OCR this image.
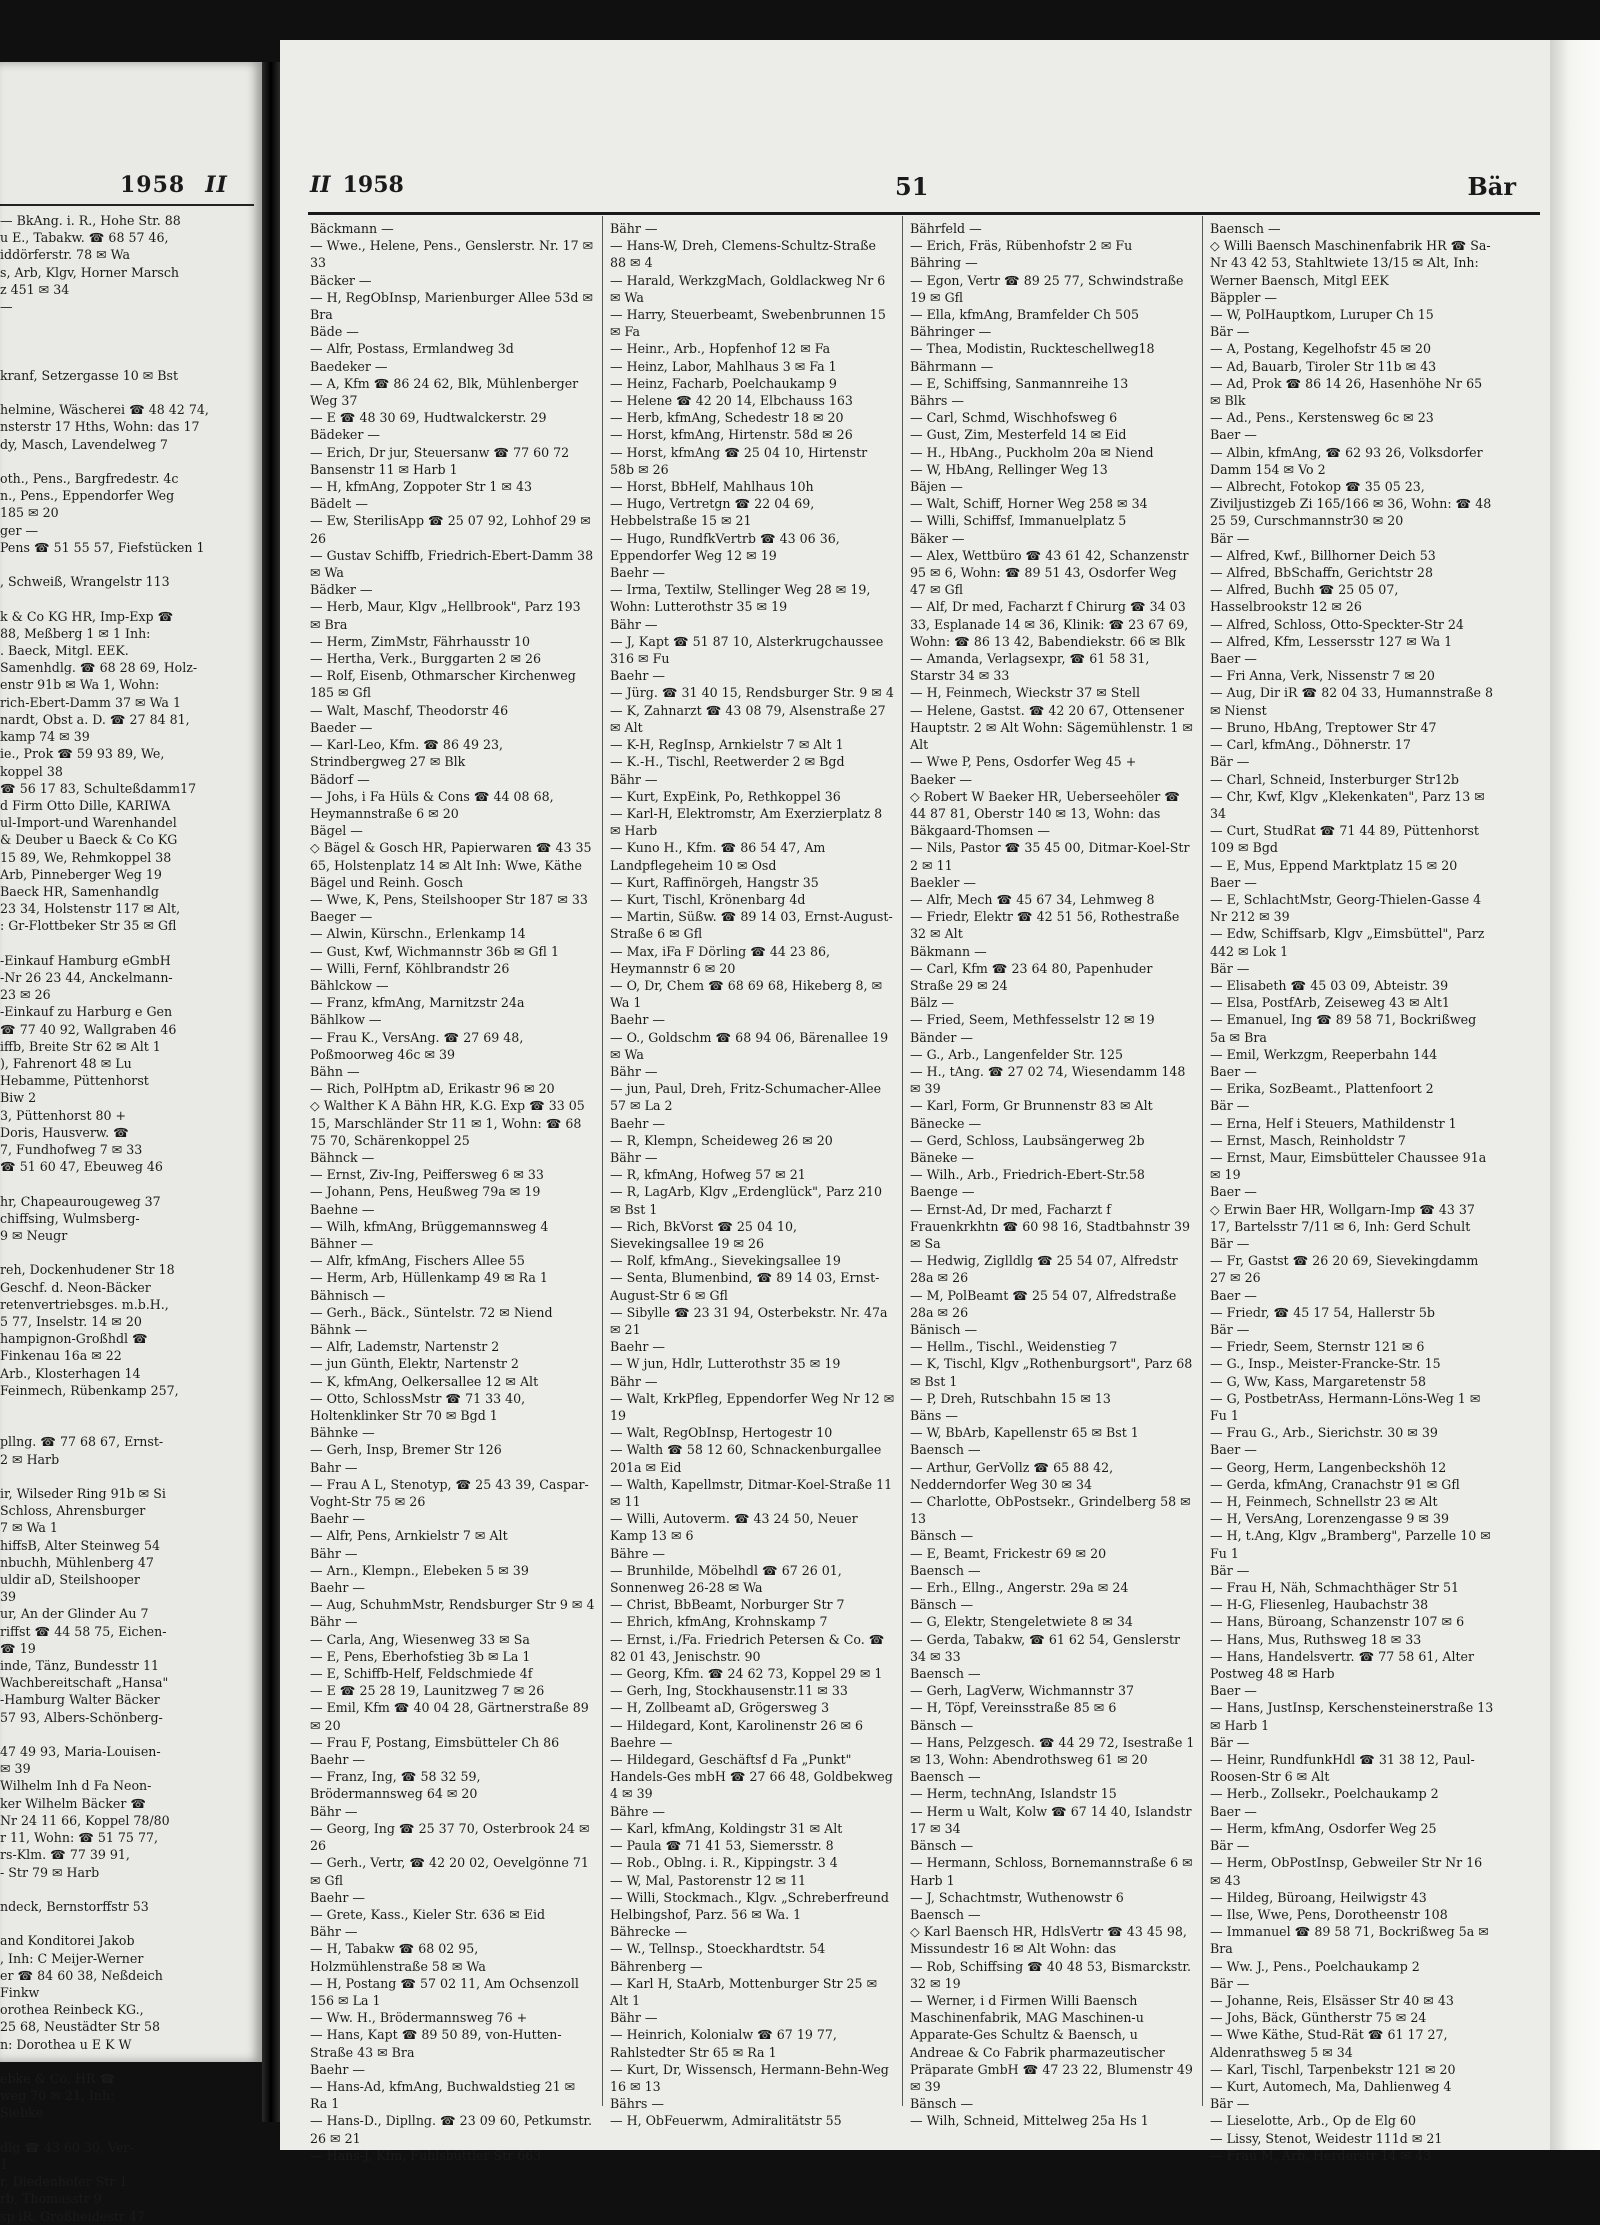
1958 II
— BkAng. i. R., Hohe Str. 88
u E., Tabakw. ☎ 68 57 46,
iddörferstr. 78 ✉ Wa
s, Arb, Klgv, Horner Marsch
z 451 ✉ 34
—

kranf, Setzergasse 10 ✉ Bst

helmine, Wäscherei ☎ 48 42 74,
nsterstr 17 Hths, Wohn: das 17
dy, Masch, Lavendelweg 7

oth., Pens., Bargfredestr. 4c
n., Pens., Eppendorfer Weg
185 ✉ 20
ger —
Pens ☎ 51 55 57, Fiefstücken 1

, Schweiß, Wrangelstr 113

k & Co KG HR, Imp-Exp ☎
88, Meßberg 1 ✉ 1 Inh:
. Baeck, Mitgl. EEK.
Samenhdlg. ☎ 68 28 69, Holz-
enstr 91b ✉ Wa 1, Wohn:
rich-Ebert-Damm 37 ✉ Wa 1
nardt, Obst a. D. ☎ 27 84 81,
kamp 74 ✉ 39
ie., Prok ☎ 59 93 89, We,
koppel 38
☎ 56 17 83, Schulteßdamm17
d Firm Otto Dille, KARIWA
ul-Import-und Warenhandel
& Deuber u Baeck & Co KG
15 89, We, Rehmkoppel 38
Arb, Pinneberger Weg 19
Baeck HR, Samenhandlg
23 34, Holstenstr 117 ✉ Alt,
: Gr-Flottbeker Str 35 ✉ Gfl

-Einkauf Hamburg eGmbH
-Nr 26 23 44, Anckelmann-
23 ✉ 26
-Einkauf zu Harburg e Gen
☎ 77 40 92, Wallgraben 46
iffb, Breite Str 62 ✉ Alt 1
), Fahrenort 48 ✉ Lu
Hebamme, Püttenhorst
Biw 2
3, Püttenhorst 80 +
Doris, Hausverw. ☎
7, Fundhofweg 7 ✉ 33
☎ 51 60 47, Ebeuweg 46

hr, Chapeaurougeweg 37
chiffsing, Wulmsberg-
9 ✉ Neugr

reh, Dockenhudener Str 18
Geschf. d. Neon-Bäcker
retenvertriebsges. m.b.H.,
5 77, Inselstr. 14 ✉ 20
hampignon-Großhdl ☎
Finkenau 16a ✉ 22
Arb., Klosterhagen 14
Feinmech, Rübenkamp 257,

pllng. ☎ 77 68 67, Ernst-
2 ✉ Harb

ir, Wilseder Ring 91b ✉ Si
Schloss, Ahrensburger
7 ✉ Wa 1
hiffsB, Alter Steinweg 54
nbuchh, Mühlenberg 47
uldir aD, Steilshooper
39
ur, An der Glinder Au 7
riffst ☎ 44 58 75, Eichen-
☎ 19
inde, Tänz, Bundesstr 11
Wachbereitschaft „Hansa"
-Hamburg Walter Bäcker
57 93, Albers-Schönberg-

47 49 93, Maria-Louisen-
✉ 39
Wilhelm Inh d Fa Neon-
ker Wilhelm Bäcker ☎
Nr 24 11 66, Koppel 78/80
r 11, Wohn: ☎ 51 75 77,
rs-Klm. ☎ 77 39 91,
- Str 79 ✉ Harb

ndeck, Bernstorffstr 53

and Konditorei Jakob
, Inh: C Meijer-Werner
er ☎ 84 60 38, Neßdeich
Finkw
orothea Reinbeck KG.,
25 68, Neustädter Str 58
n: Dorothea u E K W

ebke & Co, HR ☎
weg 70 ✉ 21, Inh:
Siebke

dlg ☎ 43 60 30, Ver-
1
r, Diedenhofer Str 1
rb, Thomasstr 9
sp iR, Großheidestr 47
II 1958	51	Bär

Bäckmann —

— Wwe., Helene, Pens., Genslerstr. Nr. 17 ✉ 33

Bäcker —

— H, RegObInsp, Marienburger Allee 53d ✉ Bra

Bäde —

— Alfr, Postass, Ermlandweg 3d

Baedeker —

— A, Kfm ☎ 86 24 62, Blk, Mühlenberger Weg 37

— E ☎ 48 30 69, Hudtwalckerstr. 29

Bädeker —

— Erich, Dr jur, Steuersanw ☎ 77 60 72 Bansenstr 11 ✉ Harb 1

— H, kfmAng, Zoppoter Str 1 ✉ 43

Bädelt —

— Ew, SterilisApp ☎ 25 07 92, Lohhof 29 ✉ 26

— Gustav Schiffb, Friedrich-Ebert-Damm 38 ✉ Wa

Bädker —

— Herb, Maur, Klgv „Hellbrook", Parz 193 ✉ Bra

— Herm, ZimMstr, Fährhausstr 10

— Hertha, Verk., Burggarten 2 ✉ 26

— Rolf, Eisenb, Othmarscher Kirchenweg 185 ✉ Gfl

— Walt, Maschf, Theodorstr 46

Baeder —

— Karl-Leo, Kfm. ☎ 86 49 23, Strindbergweg 27 ✉ Blk

Bädorf —

— Johs, i Fa Hüls & Cons ☎ 44 08 68, Heymannstraße 6 ✉ 20

Bägel —

◇ Bägel & Gosch HR, Papierwaren ☎ 43 35 65, Holstenplatz 14 ✉ Alt Inh: Wwe, Käthe Bägel und Reinh. Gosch

— Wwe, K, Pens, Steilshooper Str 187 ✉ 33

Baeger —

— Alwin, Kürschn., Erlenkamp 14

— Gust, Kwf, Wichmannstr 36b ✉ Gfl 1

— Willi, Fernf, Köhlbrandstr 26

Bählckow —

— Franz, kfmAng, Marnitzstr 24a

Bählkow —

— Frau K., VersAng. ☎ 27 69 48, Poßmoorweg 46c ✉ 39

Bähn —

— Rich, PolHptm aD, Erikastr 96 ✉ 20

◇ Walther K A Bähn HR, K.G. Exp ☎ 33 05 15, Marschländer Str 11 ✉ 1, Wohn: ☎ 68 75 70, Schärenkoppel 25

Bähnck —

— Ernst, Ziv-Ing, Peiffersweg 6 ✉ 33

— Johann, Pens, Heußweg 79a ✉ 19

Baehne —

— Wilh, kfmAng, Brüggemannsweg 4

Bähner —

— Alfr, kfmAng, Fischers Allee 55

— Herm, Arb, Hüllenkamp 49 ✉ Ra 1

Bähnisch —

— Gerh., Bäck., Süntelstr. 72 ✉ Niend

Bähnk —

— Alfr, Lademstr, Nartenstr 2

— jun Günth, Elektr, Nartenstr 2

— K, kfmAng, Oelkersallee 12 ✉ Alt

— Otto, SchlossMstr ☎ 71 33 40, Holtenklinker Str 70 ✉ Bgd 1

Bähnke —

— Gerh, Insp, Bremer Str 126

Bahr —

— Frau A L, Stenotyp, ☎ 25 43 39, Caspar-Voght-Str 75 ✉ 26

Baehr —

— Alfr, Pens, Arnkielstr 7 ✉ Alt

Bähr —

— Arn., Klempn., Elebeken 5 ✉ 39

Baehr —

— Aug, SchuhmMstr, Rendsburger Str 9 ✉ 4

Bähr —

— Carla, Ang, Wiesenweg 33 ✉ Sa

— E, Pens, Eberhofstieg 3b ✉ La 1

— E, Schiffb-Helf, Feldschmiede 4f

— E ☎ 25 28 19, Launitzweg 7 ✉ 26

— Emil, Kfm ☎ 40 04 28, Gärtnerstraße 89 ✉ 20

— Frau F, Postang, Eimsbütteler Ch 86

Baehr —

— Franz, Ing, ☎ 58 32 59, Brödermannsweg 64 ✉ 20

Bähr —

— Georg, Ing ☎ 25 37 70, Osterbrook 24 ✉ 26

— Gerh., Vertr, ☎ 42 20 02, Oevelgönne 71 ✉ Gfl

Baehr —

— Grete, Kass., Kieler Str. 636 ✉ Eid

Bähr —

— H, Tabakw ☎ 68 02 95, Holzmühlenstraße 58 ✉ Wa

— H, Postang ☎ 57 02 11, Am Ochsenzoll 156 ✉ La 1

— Ww. H., Brödermannsweg 76 +

— Hans, Kapt ☎ 89 50 89, von-Hutten-Straße 43 ✉ Bra

Baehr —

— Hans-Ad, kfmAng, Buchwaldstieg 21 ✉ Ra 1

— Hans-D., Dipllng. ☎ 23 09 60, Petkumstr. 26 ✉ 21

— Hans-J, Kfm, Fuhlsbüttler Str 663

Bähr —

— Hans-W, Dreh, Clemens-Schultz-Straße 88 ✉ 4

— Harald, WerkzgMach, Goldlackweg Nr 6 ✉ Wa

— Harry, Steuerbeamt, Swebenbrunnen 15 ✉ Fa

— Heinr., Arb., Hopfenhof 12 ✉ Fa

— Heinz, Labor, Mahlhaus 3 ✉ Fa 1

— Heinz, Facharb, Poelchaukamp 9

— Helene ☎ 42 20 14, Elbchauss 163

— Herb, kfmAng, Schedestr 18 ✉ 20

— Horst, kfmAng, Hirtenstr. 58d ✉ 26

— Horst, kfmAng ☎ 25 04 10, Hirtenstr 58b ✉ 26

— Horst, BbHelf, Mahlhaus 10h

— Hugo, Vertretgn ☎ 22 04 69, Hebbelstraße 15 ✉ 21

— Hugo, RundfkVertrb ☎ 43 06 36, Eppendorfer Weg 12 ✉ 19

Baehr —

— Irma, Textilw, Stellinger Weg 28 ✉ 19, Wohn: Lutterothstr 35 ✉ 19

Bähr —

— J, Kapt ☎ 51 87 10, Alsterkrugchaussee 316 ✉ Fu

Baehr —

— Jürg. ☎ 31 40 15, Rendsburger Str. 9 ✉ 4

— K, Zahnarzt ☎ 43 08 79, Alsenstraße 27 ✉ Alt

— K-H, RegInsp, Arnkielstr 7 ✉ Alt 1

— K.-H., Tischl, Reetwerder 2 ✉ Bgd

Bähr —

— Kurt, ExpEink, Po, Rethkoppel 36

— Karl-H, Elektromstr, Am Exerzierplatz 8 ✉ Harb

— Kuno H., Kfm. ☎ 86 54 47, Am Landpflegeheim 10 ✉ Osd

— Kurt, Raffinörgeh, Hangstr 35

— Kurt, Tischl, Krönenbarg 4d

— Martin, Süßw. ☎ 89 14 03, Ernst-August-Straße 6 ✉ Gfl

— Max, iFa F Dörling ☎ 44 23 86, Heymannstr 6 ✉ 20

— O, Dr, Chem ☎ 68 69 68, Hikeberg 8, ✉ Wa 1

Baehr —

— O., Goldschm ☎ 68 94 06, Bärenallee 19 ✉ Wa

Bähr —

— jun, Paul, Dreh, Fritz-Schumacher-Allee 57 ✉ La 2

Baehr —

— R, Klempn, Scheideweg 26 ✉ 20

Bähr —

— R, kfmAng, Hofweg 57 ✉ 21

— R, LagArb, Klgv „Erdenglück", Parz 210 ✉ Bst 1

— Rich, BkVorst ☎ 25 04 10, Sievekingsallee 19 ✉ 26

— Rolf, kfmAng., Sievekingsallee 19

— Senta, Blumenbind, ☎ 89 14 03, Ernst-August-Str 6 ✉ Gfl

— Sibylle ☎ 23 31 94, Osterbekstr. Nr. 47a ✉ 21

Baehr —

— W jun, Hdlr, Lutterothstr 35 ✉ 19

Bähr —

— Walt, KrkPfleg, Eppendorfer Weg Nr 12 ✉ 19

— Walt, RegObInsp, Hertogestr 10

— Walth ☎ 58 12 60, Schnackenburgallee 201a ✉ Eid

— Walth, Kapellmstr, Ditmar-Koel-Straße 11 ✉ 11

— Willi, Autoverm. ☎ 43 24 50, Neuer Kamp 13 ✉ 6

Bähre —

— Brunhilde, Möbelhdl ☎ 67 26 01, Sonnenweg 26-28 ✉ Wa

— Christ, BbBeamt, Norburger Str 7

— Ehrich, kfmAng, Krohnskamp 7

— Ernst, i./Fa. Friedrich Petersen & Co. ☎ 82 01 43, Jenischstr. 90

— Georg, Kfm. ☎ 24 62 73, Koppel 29 ✉ 1

— Gerh, Ing, Stockhausenstr.11 ✉ 33

— H, Zollbeamt aD, Grögersweg 3

— Hildegard, Kont, Karolinenstr 26 ✉ 6

Baehre —

— Hildegard, Geschäftsf d Fa „Punkt" Handels-Ges mbH ☎ 27 66 48, Goldbekweg 4 ✉ 39

Bähre —

— Karl, kfmAng, Koldingstr 31 ✉ Alt

— Paula ☎ 71 41 53, Siemersstr. 8

— Rob., Oblng. i. R., Kippingstr. 3 4

— W, Mal, Pastorenstr 12 ✉ 11

— Willi, Stockmach., Klgv. „Schreberfreund Helbingshof, Parz. 56 ✉ Wa. 1

Bährecke —

— W., Tellnsp., Stoeckhardtstr. 54

Bährenberg —

— Karl H, StaArb, Mottenburger Str 25 ✉ Alt 1

Bähr —

— Heinrich, Kolonialw ☎ 67 19 77, Rahlstedter Str 65 ✉ Ra 1

— Kurt, Dr, Wissensch, Hermann-Behn-Weg 16 ✉ 13

Bährs —

— H, ObFeuerwm, Admiralitätstr 55

Bährfeld —

— Erich, Fräs, Rübenhofstr 2 ✉ Fu

Bähring —

— Egon, Vertr ☎ 89 25 77, Schwindstraße 19 ✉ Gfl

— Ella, kfmAng, Bramfelder Ch 505

Bähringer —

— Thea, Modistin, Ruckteschellweg18

Bährmann —

— E, Schiffsing, Sanmannreihe 13

Bährs —

— Carl, Schmd, Wischhofsweg 6

— Gust, Zim, Mesterfeld 14 ✉ Eid

— H., HbAng., Puckholm 20a ✉ Niend

— W, HbAng, Rellinger Weg 13

Bäjen —

— Walt, Schiff, Horner Weg 258 ✉ 34

— Willi, Schiffsf, Immanuelplatz 5

Bäker —

— Alex, Wettbüro ☎ 43 61 42, Schanzenstr 95 ✉ 6, Wohn: ☎ 89 51 43, Osdorfer Weg 47 ✉ Gfl

— Alf, Dr med, Facharzt f Chirurg ☎ 34 03 33, Esplanade 14 ✉ 36, Klinik: ☎ 23 67 69, Wohn: ☎ 86 13 42, Babendiekstr. 66 ✉ Blk

— Amanda, Verlagsexpr, ☎ 61 58 31, Starstr 34 ✉ 33

— H, Feinmech, Wieckstr 37 ✉ Stell

— Helene, Gastst. ☎ 42 20 67, Ottensener Hauptstr. 2 ✉ Alt Wohn: Sägemühlenstr. 1 ✉ Alt

— Wwe P, Pens, Osdorfer Weg 45 +

Baeker —

◇ Robert W Baeker HR, Ueberseehöler ☎ 44 87 81, Oberstr 140 ✉ 13, Wohn: das

Bäkgaard-Thomsen —

— Nils, Pastor ☎ 35 45 00, Ditmar-Koel-Str 2 ✉ 11

Baekler —

— Alfr, Mech ☎ 45 67 34, Lehmweg 8

— Friedr, Elektr ☎ 42 51 56, Rothestraße 32 ✉ Alt

Bäkmann —

— Carl, Kfm ☎ 23 64 80, Papenhuder Straße 29 ✉ 24

Bälz —

— Fried, Seem, Methfesselstr 12 ✉ 19

Bänder —

— G., Arb., Langenfelder Str. 125

— H., tAng. ☎ 27 02 74, Wiesendamm 148 ✉ 39

— Karl, Form, Gr Brunnenstr 83 ✉ Alt

Bänecke —

— Gerd, Schloss, Laubsängerweg 2b

Bäneke —

— Wilh., Arb., Friedrich-Ebert-Str.58

Baenge —

— Ernst-Ad, Dr med, Facharzt f Frauenkrkhtn ☎ 60 98 16, Stadtbahnstr 39 ✉ Sa

— Hedwig, Ziglldlg ☎ 25 54 07, Alfredstr 28a ✉ 26

— M, PolBeamt ☎ 25 54 07, Alfredstraße 28a ✉ 26

Bänisch —

— Hellm., Tischl., Weidenstieg 7

— K, Tischl, Klgv „Rothenburgsort", Parz 68 ✉ Bst 1

— P, Dreh, Rutschbahn 15 ✉ 13

Bäns —

— W, BbArb, Kapellenstr 65 ✉ Bst 1

Baensch —

— Arthur, GerVollz ☎ 65 88 42, Nedderndorfer Weg 30 ✉ 34

— Charlotte, ObPostsekr., Grindelberg 58 ✉ 13

Bänsch —

— E, Beamt, Frickestr 69 ✉ 20

Baensch —

— Erh., Ellng., Angerstr. 29a ✉ 24

Bänsch —

— G, Elektr, Stengeletwiete 8 ✉ 34

— Gerda, Tabakw, ☎ 61 62 54, Genslerstr 34 ✉ 33

Baensch —

— Gerh, LagVerw, Wichmannstr 37

— H, Töpf, Vereinsstraße 85 ✉ 6

Bänsch —

— Hans, Pelzgesch. ☎ 44 29 72, Isestraße 1 ✉ 13, Wohn: Abendrothsweg 61 ✉ 20

Baensch —

— Herm, technAng, Islandstr 15

— Herm u Walt, Kolw ☎ 67 14 40, Islandstr 17 ✉ 34

Bänsch —

— Hermann, Schloss, Bornemannstraße 6 ✉ Harb 1

— J, Schachtmstr, Wuthenowstr 6

Baensch —

◇ Karl Baensch HR, HdlsVertr ☎ 43 45 98, Missundestr 16 ✉ Alt Wohn: das

— Rob, Schiffsing ☎ 40 48 53, Bismarckstr. 32 ✉ 19

— Werner, i d Firmen Willi Baensch Maschinenfabrik, MAG Maschinen-u Apparate-Ges Schultz & Baensch, u Andreae & Co Fabrik pharmazeutischer Präparate GmbH ☎ 47 23 22, Blumenstr 49 ✉ 39

Bänsch —

— Wilh, Schneid, Mittelweg 25a Hs 1

Baensch —

◇ Willi Baensch Maschinenfabrik HR ☎ Sa-Nr 43 42 53, Stahltwiete 13/15 ✉ Alt, Inh: Werner Baensch, Mitgl EEK

Bäppler —

— W, PolHauptkom, Luruper Ch 15

Bär —

— A, Postang, Kegelhofstr 45 ✉ 20

— Ad, Bauarb, Tiroler Str 11b ✉ 43

— Ad, Prok ☎ 86 14 26, Hasenhöhe Nr 65 ✉ Blk

— Ad., Pens., Kerstensweg 6c ✉ 23

Baer —

— Albin, kfmAng, ☎ 62 93 26, Volksdorfer Damm 154 ✉ Vo 2

— Albrecht, Fotokop ☎ 35 05 23, Ziviljustizgeb Zi 165/166 ✉ 36, Wohn: ☎ 48 25 59, Curschmannstr30 ✉ 20

Bär —

— Alfred, Kwf., Billhorner Deich 53

— Alfred, BbSchaffn, Gerichtstr 28

— Alfred, Buchh ☎ 25 05 07, Hasselbrookstr 12 ✉ 26

— Alfred, Schloss, Otto-Speckter-Str 24

— Alfred, Kfm, Lessersstr 127 ✉ Wa 1

Baer —

— Fri Anna, Verk, Nissenstr 7 ✉ 20

— Aug, Dir iR ☎ 82 04 33, Humannstraße 8 ✉ Nienst

— Bruno, HbAng, Treptower Str 47

— Carl, kfmAng., Döhnerstr. 17

Bär —

— Charl, Schneid, Insterburger Str12b

— Chr, Kwf, Klgv „Klekenkaten", Parz 13 ✉ 34

— Curt, StudRat ☎ 71 44 89, Püttenhorst 109 ✉ Bgd

— E, Mus, Eppend Marktplatz 15 ✉ 20

Baer —

— E, SchlachtMstr, Georg-Thielen-Gasse 4 Nr 212 ✉ 39

— Edw, Schiffsarb, Klgv „Eimsbüttel", Parz 442 ✉ Lok 1

Bär —

— Elisabeth ☎ 45 03 09, Abteistr. 39

— Elsa, PostfArb, Zeiseweg 43 ✉ Alt1

— Emanuel, Ing ☎ 89 58 71, Bockrißweg 5a ✉ Bra

— Emil, Werkzgm, Reeperbahn 144

Baer —

— Erika, SozBeamt., Plattenfoort 2

Bär —

— Erna, Helf i Steuers, Mathildenstr 1

— Ernst, Masch, Reinholdstr 7

— Ernst, Maur, Eimsbütteler Chaussee 91a ✉ 19

Baer —

◇ Erwin Baer HR, Wollgarn-Imp ☎ 43 37 17, Bartelsstr 7/11 ✉ 6, Inh: Gerd Schult

Bär —

— Fr, Gastst ☎ 26 20 69, Sievekingdamm 27 ✉ 26

Baer —

— Friedr, ☎ 45 17 54, Hallerstr 5b

Bär —

— Friedr, Seem, Sternstr 121 ✉ 6

— G., Insp., Meister-Francke-Str. 15

— G, Ww, Kass, Margaretenstr 58

— G, PostbetrAss, Hermann-Löns-Weg 1 ✉ Fu 1

— Frau G., Arb., Sierichstr. 30 ✉ 39

Baer —

— Georg, Herm, Langenbeckshöh 12

— Gerda, kfmAng, Cranachstr 91 ✉ Gfl

— H, Feinmech, Schnellstr 23 ✉ Alt

— H, VersAng, Lorenzengasse 9 ✉ 39

— H, t.Ang, Klgv „Bramberg", Parzelle 10 ✉ Fu 1

Bär —

— Frau H, Näh, Schmachthäger Str 51

— H-G, Fliesenleg, Haubachstr 38

— Hans, Büroang, Schanzenstr 107 ✉ 6

— Hans, Mus, Ruthsweg 18 ✉ 33

— Hans, Handelsvertr. ☎ 77 58 61, Alter Postweg 48 ✉ Harb

Baer —

— Hans, JustInsp, Kerschensteinerstraße 13 ✉ Harb 1

Bär —

— Heinr, RundfunkHdl ☎ 31 38 12, Paul-Roosen-Str 6 ✉ Alt

— Herb., Zollsekr., Poelchaukamp 2

Baer —

— Herm, kfmAng, Osdorfer Weg 25

Bär —

— Herm, ObPostInsp, Gebweiler Str Nr 16 ✉ 43

— Hildeg, Büroang, Heilwigstr 43

— Ilse, Wwe, Pens, Dorotheenstr 108

— Immanuel ☎ 89 58 71, Bockrißweg 5a ✉ Bra

— Ww. J., Pens., Poelchaukamp 2

Bär —

— Johanne, Reis, Elsässer Str 40 ✉ 43

— Johs, Bäck, Güntherstr 75 ✉ 24

— Wwe Käthe, Stud-Rät ☎ 61 17 27, Aldenrathsweg 5 ✉ 34

— Karl, Tischl, Tarpenbekstr 121 ✉ 20

— Kurt, Automech, Ma, Dahlienweg 4

Bär —

— Lieselotte, Arb., Op de Elg 60

— Lissy, Stenot, Weidestr 111d ✉ 21

— Frau M, Arb, Herderstr 14 ✉ 43
